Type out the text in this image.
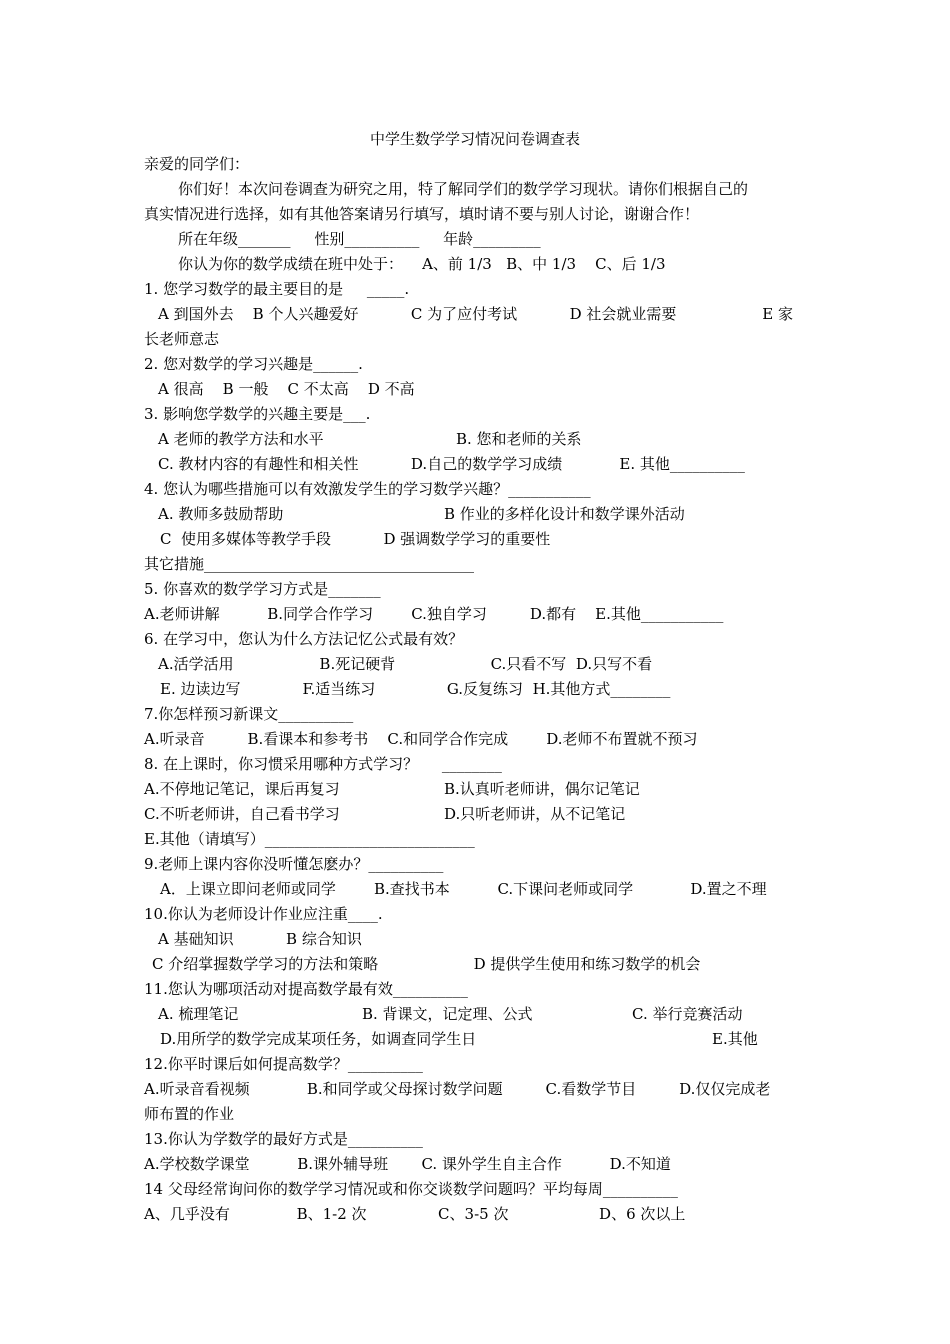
中学生数学学习情况问卷调查表
亲爱的同学们：
你们好！本次问卷调查为研究之用，特了解同学们的数学学习现状。请你们根据自己的
真实情况进行选择，如有其他答案请另行填写，填时请不要与别人讨论，谢谢合作！
所在年级_______     性别__________     年龄_________
你认为你的数学成绩在班中处于：    A、前 1/3   B、中 1/3    C、后 1/3
1. 您学习数学的最主要目的是     _____.
A 到国外去    B 个人兴趣爱好           C 为了应付考试           D 社会就业需要                  E 家
长老师意志
2. 您对数学的学习兴趣是______.
A 很高    B 一般    C 不太高    D 不高
3. 影响您学数学的兴趣主要是___.
A 老师的教学方法和水平	B. 您和老师的关系
C. 教材内容的有趣性和相关性           D.自己的数学学习成绩            E. 其他__________
4. 您认为哪些措施可以有效激发学生的学习数学兴趣？___________
A. 教师多鼓励帮助	B 作业的多样化设计和数学课外活动
C  使用多媒体等教学手段           D 强调数学学习的重要性
其它措施____________________________________
5. 你喜欢的数学学习方式是_______
A.老师讲解          B.同学合作学习        C.独自学习         D.都有    E.其他___________
6. 在学习中，您认为什么方法记忆公式最有效？
A.活学活用                  B.死记硬背                    C.只看不写  D.只写不看
E. 边读边写             F.适当练习               G.反复练习  H.其他方式________
7.你怎样预习新课文__________
A.听录音         B.看课本和参考书    C.和同学合作完成        D.老师不布置就不预习
8. 在上课时，你习惯采用哪种方式学习？     ________
A.不停地记笔记，课后再复习	B.认真听老师讲，偶尔记笔记
C.不听老师讲，自己看书学习	D.只听老师讲，从不记笔记
E.其他（请填写）____________________________
9.老师上课内容你没听懂怎麽办？__________
A．上课立即问老师或同学        B.查找书本          C.下课问老师或同学            D.置之不理
10.你认为老师设计作业应注重____.
A 基础知识           B 综合知识
C 介绍掌握数学学习的方法和策略                    D 提供学生使用和练习数学的机会
11.您认为哪项活动对提高数学最有效__________
A. 梳理笔记	B. 背课文，记定理、公式	C. 举行竞赛活动
D.用所学的数学完成某项任务，如调查同学生日	E.其他
12.你平时课后如何提高数学？__________
A.听录音看视频            B.和同学或父母探讨数学问题         C.看数学节目         D.仅仅完成老
师布置的作业
13.你认为学数学的最好方式是__________
A.学校数学课堂          B.课外辅导班       C. 课外学生自主合作          D.不知道
14 父母经常询问你的数学学习情况或和你交谈数学问题吗？平均每周__________
A、几乎没有              B、1-2 次               C、3-5 次                   D、6 次以上
